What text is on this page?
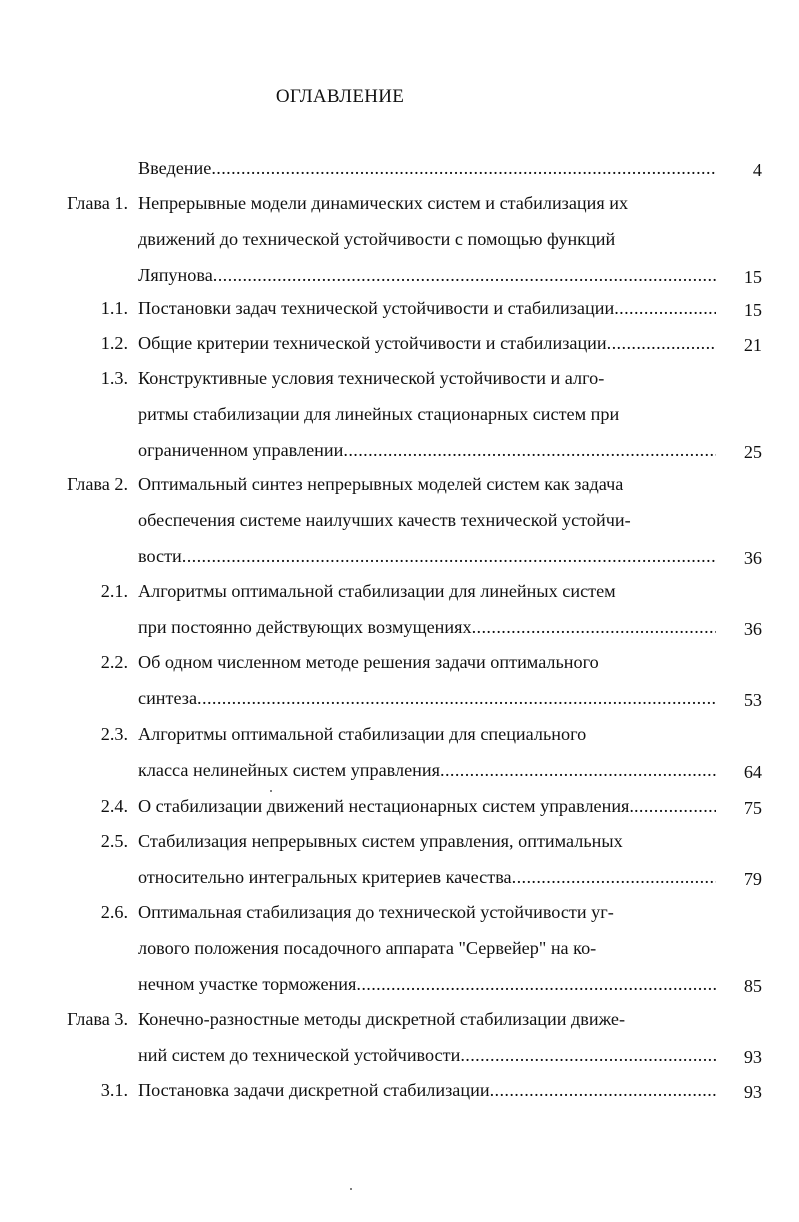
ОГЛАВЛЕНИЕ
Введение .....	4
Глава 1. Непрерывные модели динамических систем и стабилизация их
движений до технической устойчивости с помощью функций
Ляпунова .....	15
1.1. Постановки задач технической устойчивости и стабилизации .....	15
1.2. Общие критерии технической устойчивости и стабилизации .....	21
1.3. Конструктивные условия технической устойчивости и алго-
ритмы стабилизации для линейных стационарных систем при
ограниченном управлении .....	25
Глава 2. Оптимальный синтез непрерывных моделей систем как задача
обеспечения системе наилучших качеств технической устойчи-
вости .....	36
2.1. Алгоритмы оптимальной стабилизации для линейных систем
при постоянно действующих возмущениях .....	36
2.2. Об одном численном методе решения задачи оптимального
синтеза .....	53
2.3. Алгоритмы оптимальной стабилизации для специального
класса нелинейных систем управления .....	64
2.4. О стабилизации движений нестационарных систем управления. .....	75
2.5. Стабилизация непрерывных систем управления, оптимальных
относительно интегральных критериев качества .....	79
2.6. Оптимальная стабилизация до технической устойчивости уг-
лового положения посадочного аппарата "Сервейер" на ко-
нечном участке торможения .....	85
Глава 3. Конечно-разностные методы дискретной стабилизации движе-
ний систем до технической устойчивости .....	93
3.1. Постановка задачи дискретной стабилизации .....	93
